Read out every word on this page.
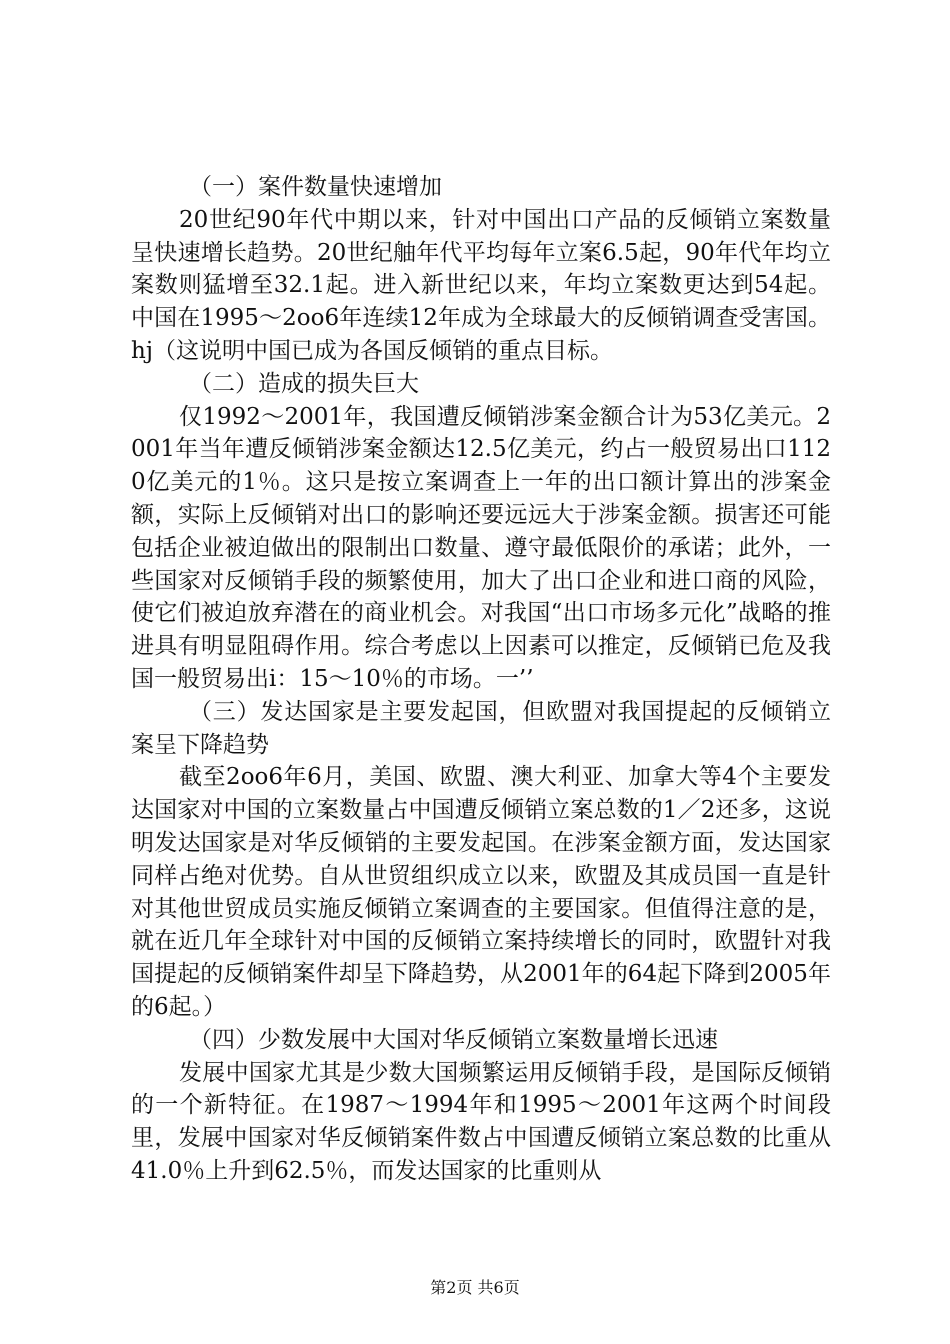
（一）案件数量快速增加

20世纪90年代中期以来，针对中国出口产品的反倾销立案数量呈快速增长趋势。20世纪舳年代平均每年立案6.5起，90年代年均立案数则猛增至32.1起。进入新世纪以来，年均立案数更达到54起。中国在1995～2oo6年连续12年成为全球最大的反倾销调查受害国。hj（这说明中国已成为各国反倾销的重点目标。

（二）造成的损失巨大

仅1992～2001年，我国遭反倾销涉案金额合计为53亿美元。2001年当年遭反倾销涉案金额达12.5亿美元，约占一般贸易出口1120亿美元的1％。这只是按立案调查上一年的出口额计算出的涉案金额，实际上反倾销对出口的影响还要远远大于涉案金额。损害还可能包括企业被迫做出的限制出口数量、遵守最低限价的承诺；此外，一些国家对反倾销手段的频繁使用，加大了出口企业和进口商的风险，使它们被迫放弃潜在的商业机会。对我国“出口市场多元化”战略的推进具有明显阻碍作用。综合考虑以上因素可以推定，反倾销已危及我国一般贸易出i：15～10％的市场。一’’

（三）发达国家是主要发起国，但欧盟对我国提起的反倾销立案呈下降趋势

截至2oo6年6月，美国、欧盟、澳大利亚、加拿大等4个主要发达国家对中国的立案数量占中国遭反倾销立案总数的1／2还多，这说明发达国家是对华反倾销的主要发起国。在涉案金额方面，发达国家同样占绝对优势。自从世贸组织成立以来，欧盟及其成员国一直是针对其他世贸成员实施反倾销立案调查的主要国家。但值得注意的是，就在近几年全球针对中国的反倾销立案持续增长的同时，欧盟针对我国提起的反倾销案件却呈下降趋势，从2001年的64起下降到2005年的6起。）

（四）少数发展中大国对华反倾销立案数量增长迅速

发展中国家尤其是少数大国频繁运用反倾销手段，是国际反倾销的一个新特征。在1987～1994年和1995～2001年这两个时间段里，发展中国家对华反倾销案件数占中国遭反倾销立案总数的比重从41.0％上升到62.5％，而发达国家的比重则从

第2页 共6页
